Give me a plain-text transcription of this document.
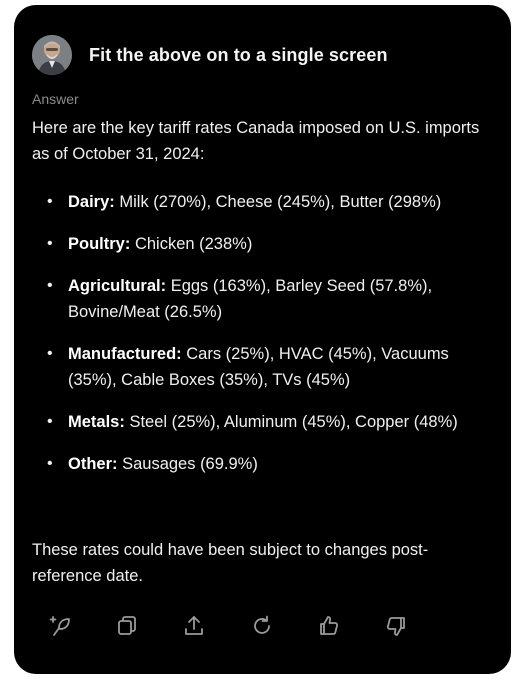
Fit the above on to a single screen
Answer
Here are the key tariff rates Canada imposed on U.S. imports as of October 31, 2024:
• Dairy: Milk (270%), Cheese (245%), Butter (298%)
• Poultry: Chicken (238%)
• Agricultural: Eggs (163%), Barley Seed (57.8%), Bovine/Meat (26.5%)
• Manufactured: Cars (25%), HVAC (45%), Vacuums (35%), Cable Boxes (35%), TVs (45%)
• Metals: Steel (25%), Aluminum (45%), Copper (48%)
• Other: Sausages (69.9%)
These rates could have been subject to changes post-reference date.
